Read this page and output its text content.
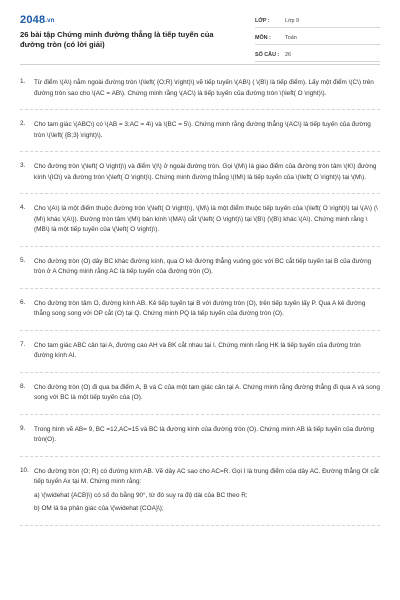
2048.vn
26 bài tập Chứng minh đường thẳng là tiếp tuyến của đường tròn (có lời giải)
LỚP :	Lớp 9
MÔN :	Toán
SỐ CÂU :	26
1. Từ điểm \(A\) nằm ngoài đường tròn \(\left( {O;R} \right)\) vẽ tiếp tuyến \(AB\) ( \(B\) là tiếp điểm). Lấy một điểm \(C\) trên đường tròn sao cho \(AC = AB\). Chứng minh rằng \(AC\) là tiếp tuyến của đường tròn \(\left( O \right)\).
2. Cho tam giác \(ABC\) có \(AB = 3;AC = 4\) và \(BC = 5\). Chứng minh rằng đường thẳng \(AC\) là tiếp tuyến của đường tròn \(\left( {B;3} \right)\).
3. Cho đường tròn \(\left( O \right)\) và điểm \(I\) ở ngoài đường tròn. Gọi \(M\) là giao điểm của đường tròn tâm \(K\) đường kính \(IO\) và đường tròn \(\left( O \right)\). Chứng minh đường thẳng \(IM\) là tiếp tuyến của \(\left( O \right)\) tại \(M\).
4. Cho \(A\) là một điểm thuộc đường tròn \(\left( O \right)\), \(M\) là một điểm thuộc tiếp tuyến của \(\left( O \right)\) tại \(A\) (\(M\) khác \(A\)). Đường tròn tâm \(M\) bán kính \(MA\) cắt \(\left( O \right)\) tại \(B\) (\(B\) khác \(A\). Chứng minh rằng \(MB\) là một tiếp tuyến của \(\left( O \right)\).
5. Cho đường tròn (O) dây BC khác đường kính, qua O kẻ đường thẳng vuông góc với BC cắt tiếp tuyến tại B của đường tròn ở A Chứng minh rằng AC là tiếp tuyến của đường tròn (O).
6. Cho đường tròn tâm O, đường kính AB. Kẻ tiếp tuyến tại B với đường tròn (O), trên tiếp tuyến lấy P. Qua A kẻ đường thẳng song song với OP cắt (O) tại Q. Chứng minh PQ là tiếp tuyến của đường tròn (O).
7. Cho tam giác ABC cân tại A, đường cao AH và BK cắt nhau tại I. Chứng minh rằng HK là tiếp tuyến của đường tròn đường kính AI.
8. Cho đường tròn (O) đi qua ba điểm A, B và C của một tam giác cân tại A. Chứng minh rằng đường thẳng đi qua A và song song với BC là một tiếp tuyến của (O).
9. Trong hình vẽ AB= 9, BC =12,AC=15 và BC là đường kính của đường tròn (O). Chứng minh AB là tiếp tuyến của đường tròn(O).
10. Cho đường tròn (O; R) có đường kính AB. Vẽ dây AC sao cho AC=R. Gọi I là trung điểm của dây AC. Đường thẳng OI cắt tiếp tuyến Ax tại M. Chứng minh rằng:
a) \(\widehat {ACB}\) có số đo bằng 90°, từ đó suy ra độ dài của BC theo R;
b) OM là tia phân giác của \(\widehat {COA}\);
